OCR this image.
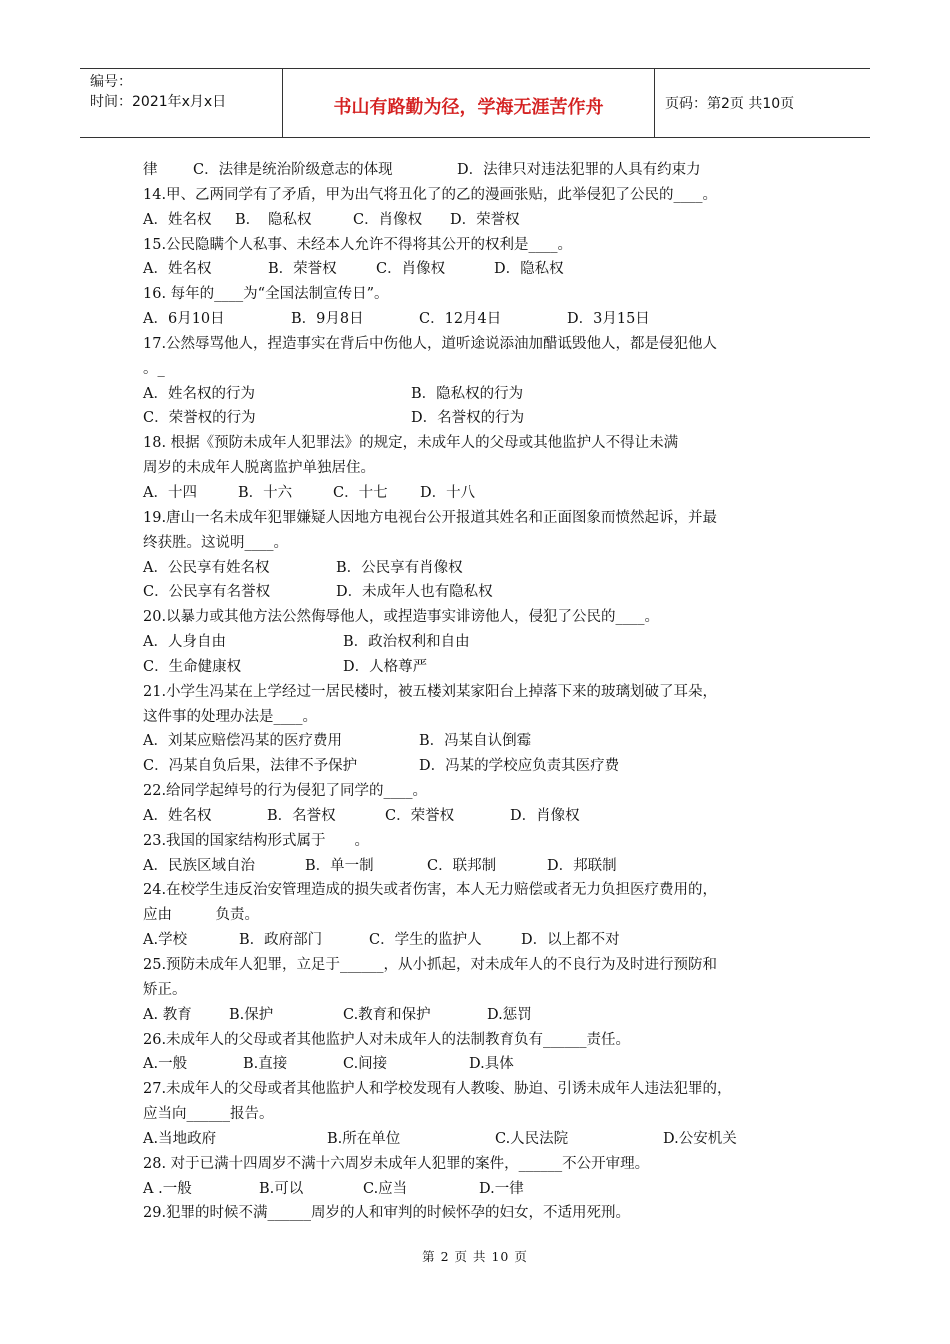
编号：
时间：2021年x月x日	书山有路勤为径，学海无涯苦作舟	页码：第2页 共10页
律	C．法律是统治阶级意志的体现	D．法律只对违法犯罪的人具有约束力
14.甲、乙两同学有了矛盾，甲为出气将丑化了的乙的漫画张贴，此举侵犯了公民的____。
A．姓名权	B． 隐私权	C．肖像权	D．荣誉权
15.公民隐瞒个人私事、未经本人允许不得将其公开的权利是____。
A．姓名权	B．荣誉权	C．肖像权	D．隐私权
16. 每年的____为“全国法制宣传日”。
A．6月10日	B．9月8日	C．12月4日	D．3月15日
17.公然辱骂他人，捏造事实在背后中伤他人，道听途说添油加醋诋毁他人，都是侵犯他人
。_
A．姓名权的行为	B．隐私权的行为
C．荣誉权的行为	D．名誉权的行为
18. 根据《预防未成年人犯罪法》的规定，未成年人的父母或其他监护人不得让未满
周岁的未成年人脱离监护单独居住。
A．十四	B．十六	C．十七	D．十八
19.唐山一名未成年犯罪嫌疑人因地方电视台公开报道其姓名和正面图象而愤然起诉，并最
终获胜。这说明____。
A．公民享有姓名权	B．公民享有肖像权
C．公民享有名誉权	D．未成年人也有隐私权
20.以暴力或其他方法公然侮辱他人，或捏造事实诽谤他人，侵犯了公民的____。
A．人身自由	B．政治权利和自由
C．生命健康权	D．人格尊严
21.小学生冯某在上学经过一居民楼时，被五楼刘某家阳台上掉落下来的玻璃划破了耳朵，
这件事的处理办法是____。
A．刘某应赔偿冯某的医疗费用	B．冯某自认倒霉
C．冯某自负后果，法律不予保护	D．冯某的学校应负责其医疗费
22.给同学起绰号的行为侵犯了同学的____。
A．姓名权	B．名誉权	C．荣誉权	D．肖像权
23.我国的国家结构形式属于　　。
A．民族区域自治	B．单一制	C．联邦制	D．邦联制
24.在校学生违反治安管理造成的损失或者伤害，本人无力赔偿或者无力负担医疗费用的，
应由　　　负责。
A.学校	B．政府部门	C．学生的监护人	D．以上都不对
25.预防未成年人犯罪，立足于______，从小抓起，对未成年人的不良行为及时进行预防和
矫正。
A. 教育	B.保护	C.教育和保护	D.惩罚
26.未成年人的父母或者其他监护人对未成年人的法制教育负有______责任。
A.一般	B.直接	C.间接	D.具体
27.未成年人的父母或者其他监护人和学校发现有人教唆、胁迫、引诱未成年人违法犯罪的，
应当向______报告。
A.当地政府	B.所在单位	C.人民法院	D.公安机关
28. 对于已满十四周岁不满十六周岁未成年人犯罪的案件，______不公开审理。
A .一般	B.可以	C.应当	D.一律
29.犯罪的时候不满______周岁的人和审判的时候怀孕的妇女，不适用死刑。
第 2 页 共 10 页
